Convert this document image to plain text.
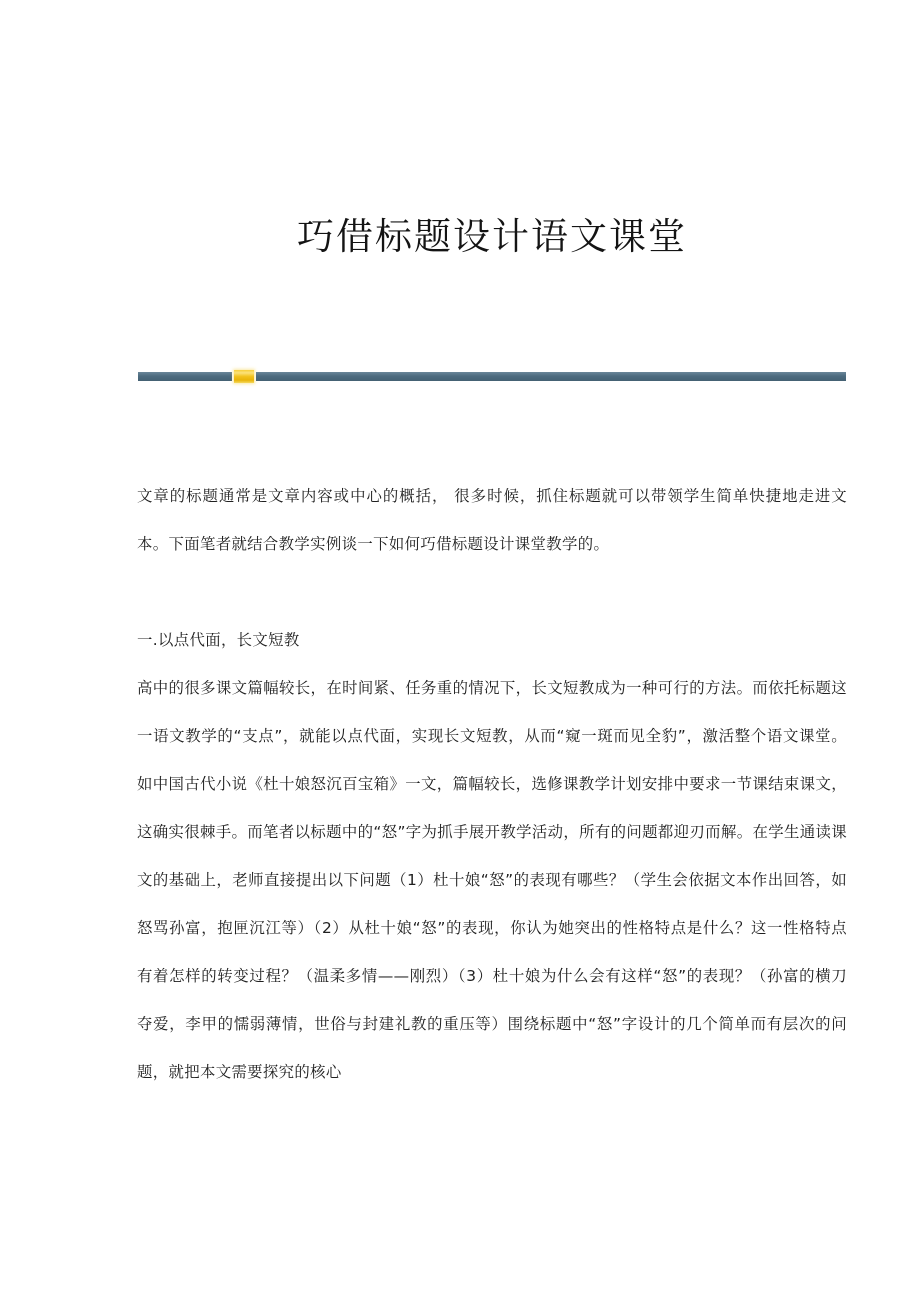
巧借标题设计语文课堂

文章的标题通常是文章内容或中心的概括， 很多时候，抓住标题就可以带领学生简单快捷地走进文本。下面笔者就结合教学实例谈一下如何巧借标题设计课堂教学的。

一.以点代面，长文短教

高中的很多课文篇幅较长，在时间紧、任务重的情况下，长文短教成为一种可行的方法。而依托标题这一语文教学的“支点”，就能以点代面，实现长文短教，从而“窥一斑而见全豹”，激活整个语文课堂。如中国古代小说《杜十娘怒沉百宝箱》一文，篇幅较长，选修课教学计划安排中要求一节课结束课文，这确实很棘手。而笔者以标题中的“怒”字为抓手展开教学活动，所有的问题都迎刃而解。在学生通读课文的基础上，老师直接提出以下问题（1）杜十娘“怒”的表现有哪些？（学生会依据文本作出回答，如怒骂孙富，抱匣沉江等）（2）从杜十娘“怒”的表现，你认为她突出的性格特点是什么？这一性格特点有着怎样的转变过程？（温柔多情——刚烈）（3）杜十娘为什么会有这样“怒”的表现？（孙富的横刀夺爱，李甲的懦弱薄情，世俗与封建礼教的重压等）围绕标题中“怒”字设计的几个简单而有层次的问题，就把本文需要探究的核心
